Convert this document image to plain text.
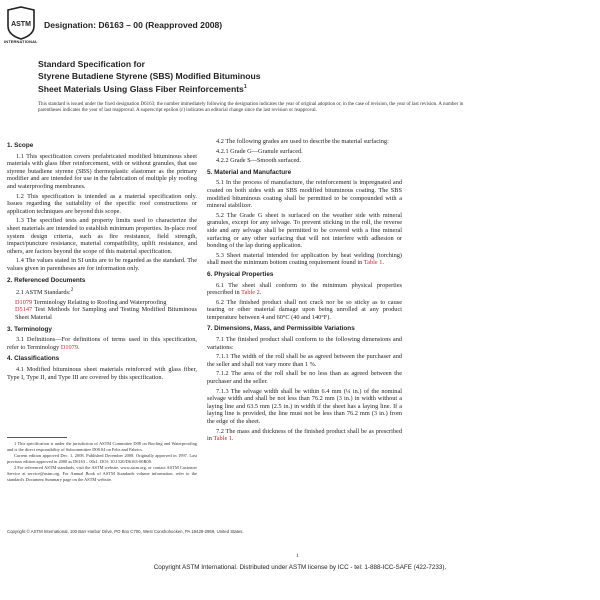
ASTM
INTERNATIONAL
Designation: D6163 – 00 (Reapproved 2008)
Standard Specification for
Styrene Butadiene Styrene (SBS) Modified Bituminous
Sheet Materials Using Glass Fiber Reinforcements$^1$
This standard is issued under the fixed designation D6163; the number immediately following the designation indicates the year of original adoption or, in the case of revision, the year of last revision. A number in parentheses indicates the year of last reapproval. A superscript epsilon (ε) indicates an editorial change since the last revision or reapproval.
1. Scope

1.1 This specification covers prefabricated modified bituminous sheet materials with glass fiber reinforcement, with or without granules, that use styrene butadiene styrene (SBS) thermoplastic elastomer as the primary modifier and are intended for use in the fabrication of multiple ply roofing and waterproofing membranes.

1.2 This specification is intended as a material specification only. Issues regarding the suitability of the specific roof constructions or application techniques are beyond this scope.

1.3 The specified tests and property limits used to characterize the sheet materials are intended to establish minimum properties. In-place roof system design criteria, such as fire resistance, field strength, impact/puncture resistance, material compatibility, uplift resistance, and others, are factors beyond the scope of this material specification.

1.4 The values stated in SI units are to be regarded as the standard. The values given in parentheses are for information only.

2. Referenced Documents

2.1 ASTM Standards:$^2$

D1079 Terminology Relating to Roofing and Waterproofing

D5147 Test Methods for Sampling and Testing Modified Bituminous Sheet Material

3. Terminology

3.1 Definitions—For definitions of terms used in this specification, refer to Terminology D1079.

4. Classifications

4.1 Modified bituminous sheet materials reinforced with glass fiber, Type I, Type II, and Type III are covered by this specification.

1 This specification is under the jurisdiction of ASTM Committee D08 on Roofing and Waterproofing and is the direct responsibility of Subcommittee D08.04 on Felts and Fabrics.

Current edition approved Dec. 1, 2008. Published December 2008. Originally approved in 1997. Last previous edition approved in 2000 as D6163 – 00ε1. DOI: 10.1520/D6163-00R08.

2 For referenced ASTM standards, visit the ASTM website, www.astm.org, or contact ASTM Customer Service at service@astm.org. For Annual Book of ASTM Standards volume information, refer to the standard's Document Summary page on the ASTM website.

4.2 The following grades are used to describe the material surfacing:

4.2.1 Grade G—Granule surfaced.

4.2.2 Grade S—Smooth surfaced.

5. Material and Manufacture

5.1 In the process of manufacture, the reinforcement is impregnated and coated on both sides with an SBS modified bituminous coating. The SBS modified bituminous coating shall be permitted to be compounded with a mineral stabilizer.

5.2 The Grade G sheet is surfaced on the weather side with mineral granules, except for any selvage. To prevent sticking in the roll, the reverse side and any selvage shall be permitted to be covered with a fine mineral surfacing or any other surfacing that will not interfere with adhesion or bonding of the lap during application.

5.3 Sheet material intended for application by heat welding (torching) shall meet the minimum bottom coating requirement found in Table 1.

6. Physical Properties

6.1 The sheet shall conform to the minimum physical properties prescribed in Table 2.

6.2 The finished product shall not crack nor be so sticky as to cause tearing or other material damage upon being unrolled at any product temperature between 4 and 60°C (40 and 140°F).

7. Dimensions, Mass, and Permissible Variations

7.1 The finished product shall conform to the following dimensions and variations:

7.1.1 The width of the roll shall be as agreed between the purchaser and the seller and shall not vary more than 1 %.

7.1.2 The area of the roll shall be no less than as agreed between the purchaser and the seller.

7.1.3 The selvage width shall be within 6.4 mm (¼ in.) of the nominal selvage width and shall be not less than 76.2 mm (3 in.) in width without a laying line and 63.5 mm (2.5 in.) in width if the sheet has a laying line. If a laying line is provided, the line must not be less than 76.2 mm (3 in.) from the edge of the sheet.

7.2 The mass and thickness of the finished product shall be as prescribed in Table 1.

Copyright © ASTM International, 100 Barr Harbor Drive, PO Box C700, West Conshohocken, PA 19428-2959, United States.
1
Copyright ASTM International. Distributed under ASTM license by ICC - tel: 1-888-ICC-SAFE (422-7233).
